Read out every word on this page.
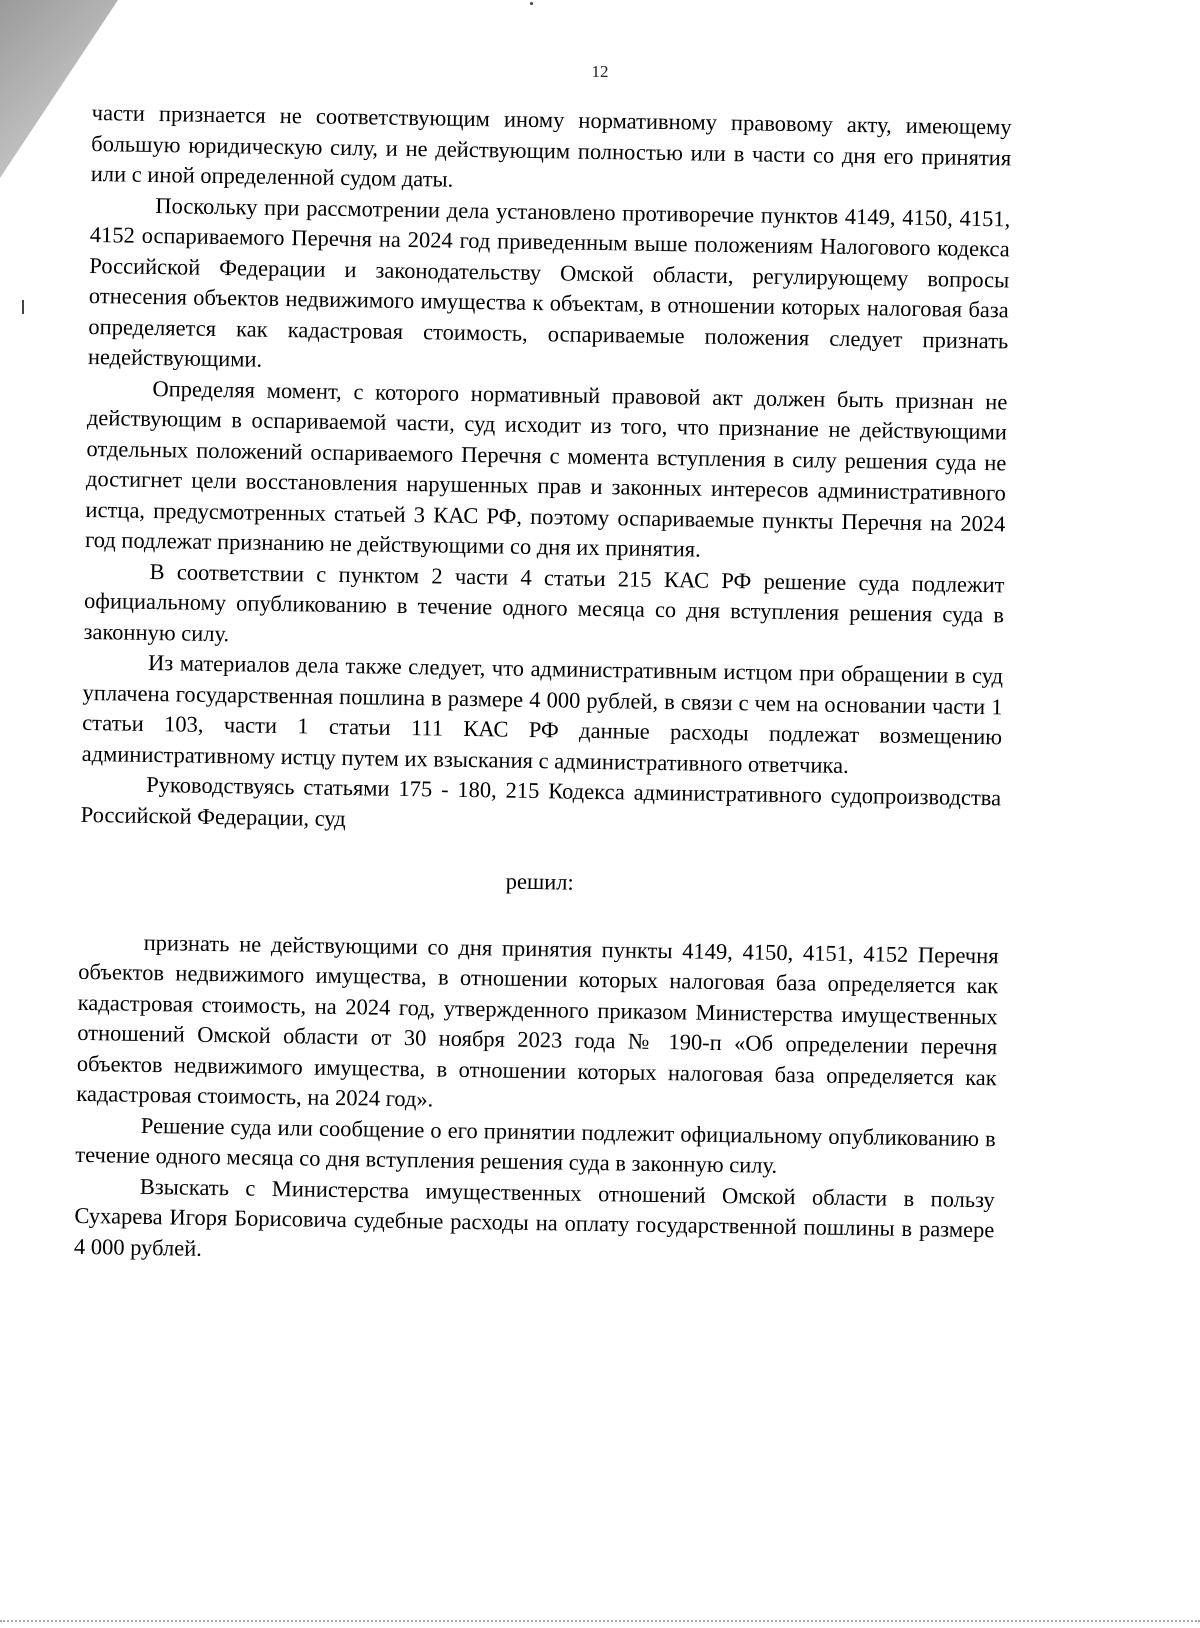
12

части признается не соответствующим иному нормативному правовому акту, имеющему большую юридическую силу, и не действующим полностью или в части со дня его принятия или с иной определенной судом даты.

Поскольку при рассмотрении дела установлено противоречие пунктов 4149, 4150, 4151, 4152 оспариваемого Перечня на 2024 год приведенным выше положениям Налогового кодекса Российской Федерации и законодательству Омской области, регулирующему вопросы отнесения объектов недвижимого имущества к объектам, в отношении которых налоговая база определяется как кадастровая стоимость, оспариваемые положения следует признать недействующими.

Определяя момент, с которого нормативный правовой акт должен быть признан не действующим в оспариваемой части, суд исходит из того, что признание не действующими отдельных положений оспариваемого Перечня с момента вступления в силу решения суда не достигнет цели восстановления нарушенных прав и законных интересов административного истца, предусмотренных статьей 3 КАС РФ, поэтому оспариваемые пункты Перечня на 2024 год подлежат признанию не действующими со дня их принятия.

В соответствии с пунктом 2 части 4 статьи 215 КАС РФ решение суда подлежит официальному опубликованию в течение одного месяца со дня вступления решения суда в законную силу.

Из материалов дела также следует, что административным истцом при обращении в суд уплачена государственная пошлина в размере 4 000 рублей, в связи с чем на основании части 1 статьи 103, части 1 статьи 111 КАС РФ данные расходы подлежат возмещению административному истцу путем их взыскания с административного ответчика.

Руководствуясь статьями 175 - 180, 215 Кодекса административного судопроизводства Российской Федерации, суд

решил:

признать не действующими со дня принятия пункты 4149, 4150, 4151, 4152 Перечня объектов недвижимого имущества, в отношении которых налоговая база определяется как кадастровая стоимость, на 2024 год, утвержденного приказом Министерства имущественных отношений Омской области от 30 ноября 2023 года № 190-п «Об определении перечня объектов недвижимого имущества, в отношении которых налоговая база определяется как кадастровая стоимость, на 2024 год».

Решение суда или сообщение о его принятии подлежит официальному опубликованию в течение одного месяца со дня вступления решения суда в законную силу.

Взыскать с Министерства имущественных отношений Омской области в пользу Сухарева Игоря Борисовича судебные расходы на оплату государственной пошлины в размере 4 000 рублей.
